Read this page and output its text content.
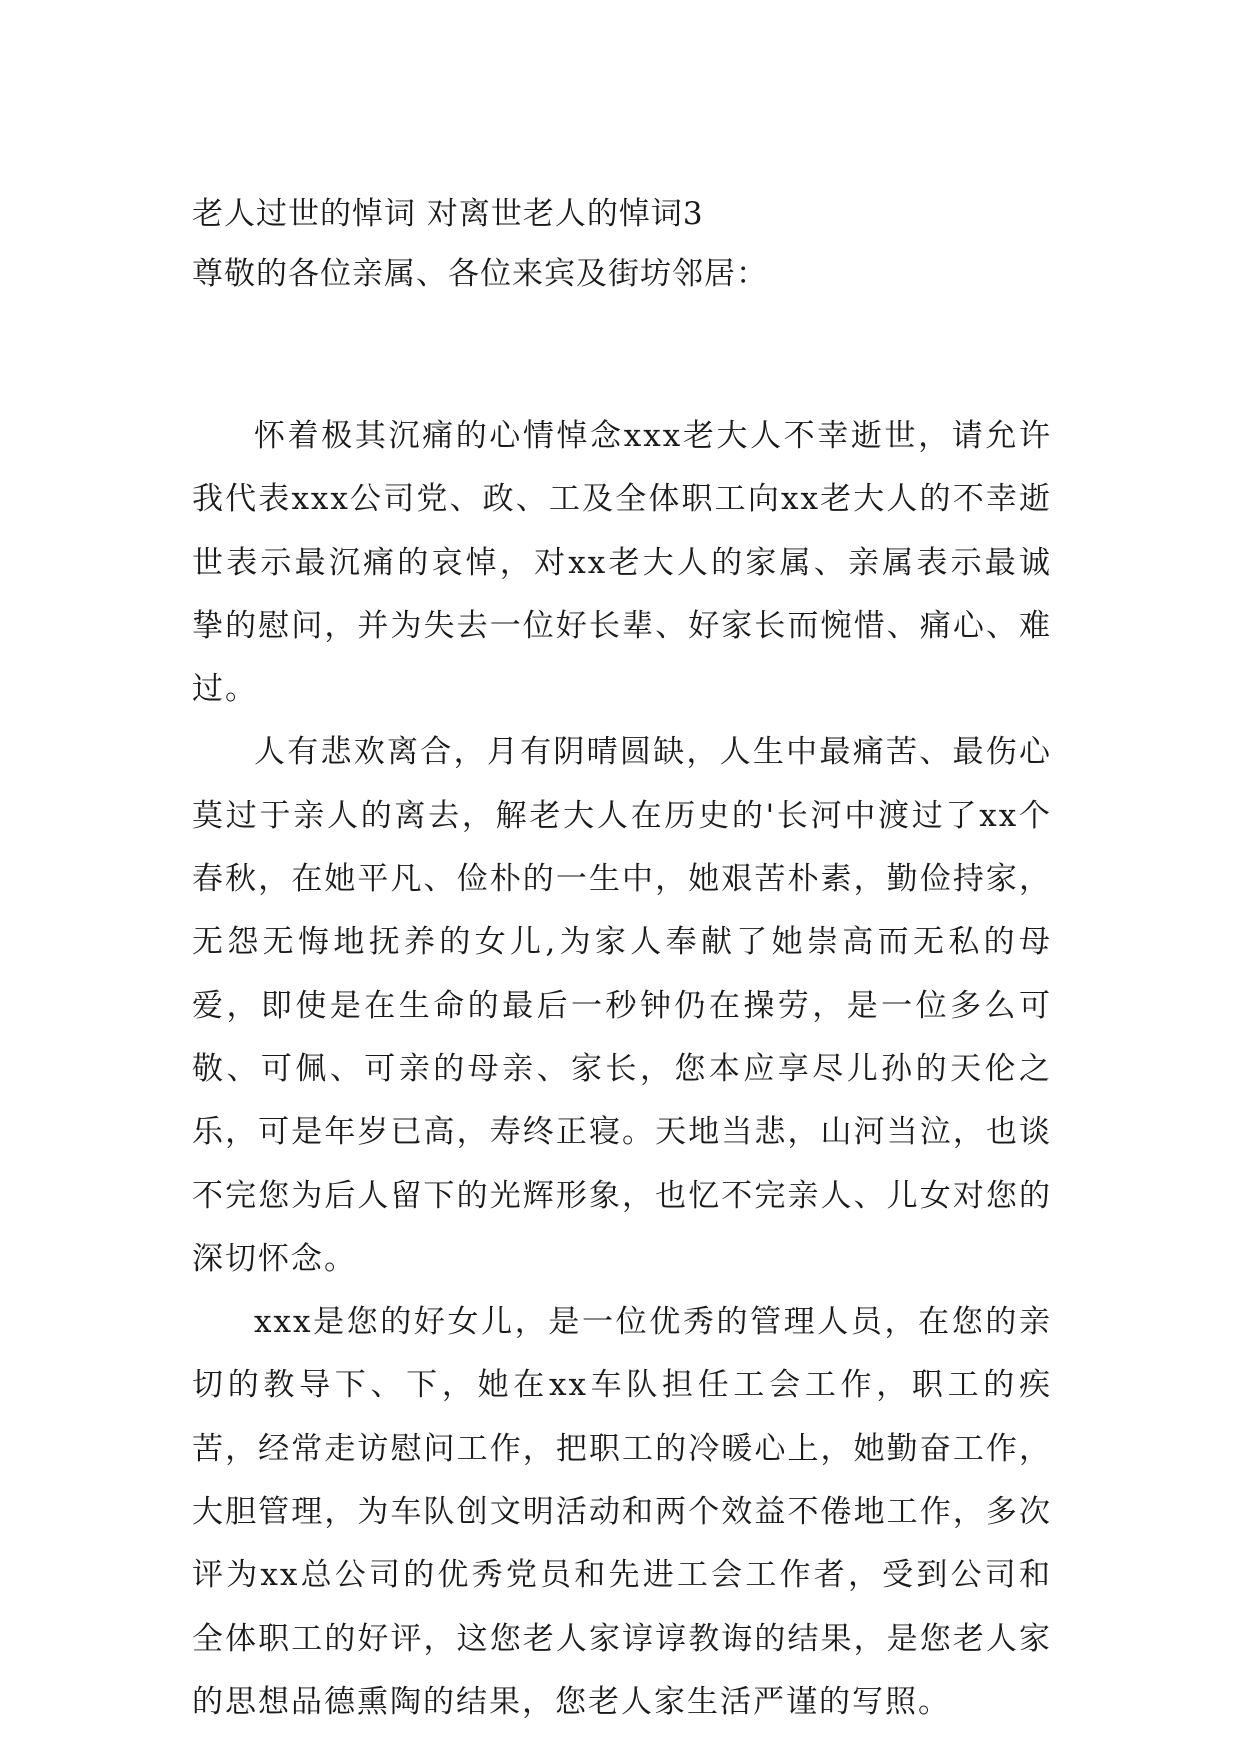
老人过世的悼词 对离世老人的悼词3
尊敬的各位亲属、各位来宾及街坊邻居：

怀着极其沉痛的心情悼念xxx老大人不幸逝世，请允许我代表xxx公司党、政、工及全体职工向xx老大人的不幸逝世表示最沉痛的哀悼，对xx老大人的家属、亲属表示最诚挚的慰问，并为失去一位好长辈、好家长而惋惜、痛心、难过。

人有悲欢离合，月有阴晴圆缺，人生中最痛苦、最伤心莫过于亲人的离去，解老大人在历史的'长河中渡过了xx个春秋，在她平凡、俭朴的一生中，她艰苦朴素，勤俭持家，无怨无悔地抚养的女儿,为家人奉献了她崇高而无私的母爱，即使是在生命的最后一秒钟仍在操劳，是一位多么可敬、可佩、可亲的母亲、家长，您本应享尽儿孙的天伦之乐，可是年岁已高，寿终正寝。天地当悲，山河当泣，也谈不完您为后人留下的光辉形象，也忆不完亲人、儿女对您的深切怀念。

xxx是您的好女儿，是一位优秀的管理人员，在您的亲切的教导下、下，她在xx车队担任工会工作，职工的疾苦，经常走访慰问工作，把职工的冷暖心上，她勤奋工作，大胆管理，为车队创文明活动和两个效益不倦地工作，多次评为xx总公司的优秀党员和先进工会工作者，受到公司和全体职工的好评，这您老人家谆谆教诲的结果，是您老人家的思想品德熏陶的结果，您老人家生活严谨的写照。
